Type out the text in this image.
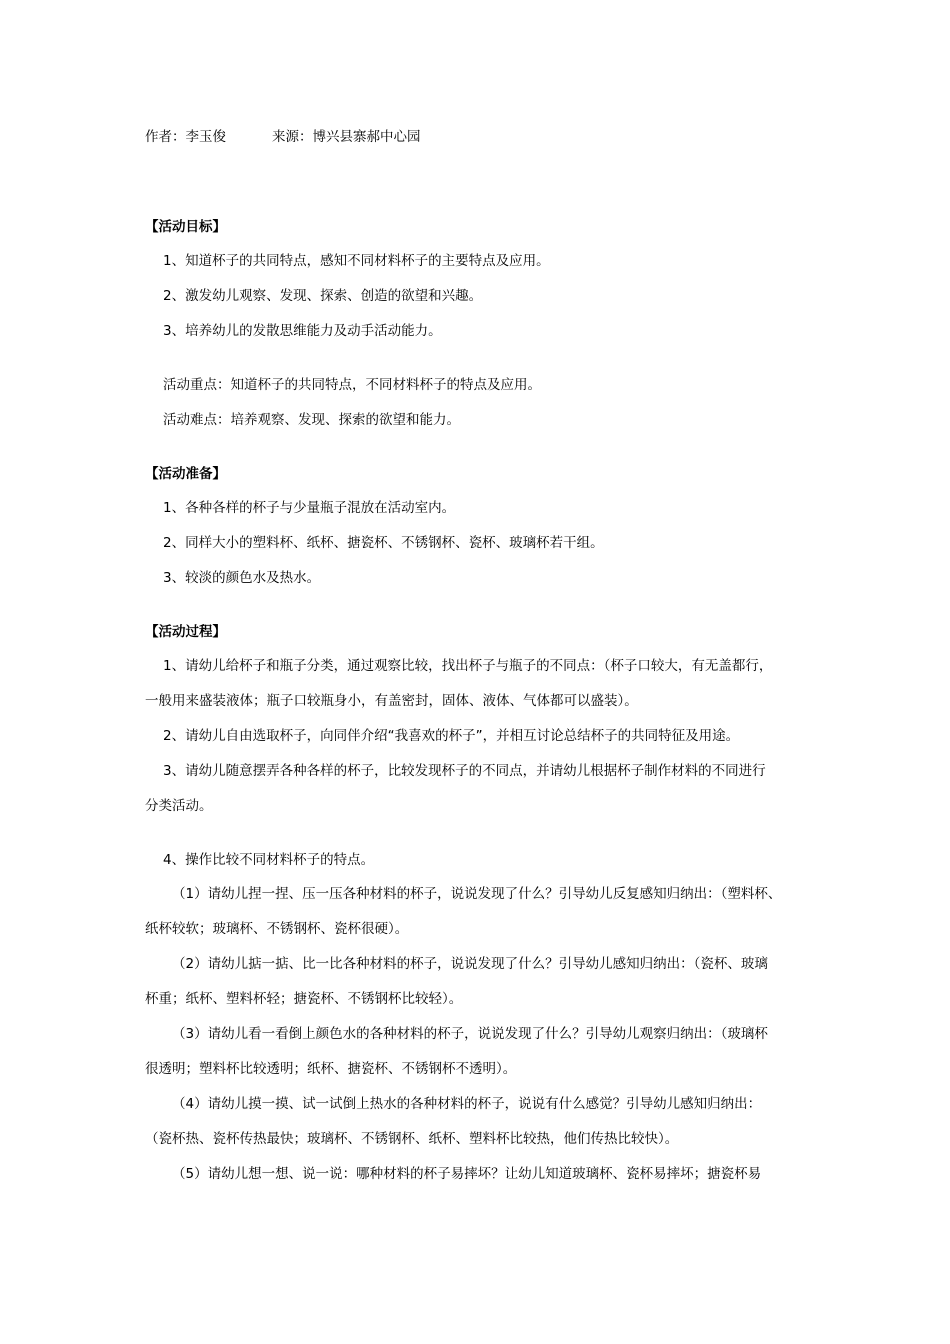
作者：李玉俊	来源：博兴县寨郝中心园
【活动目标】
1、知道杯子的共同特点，感知不同材料杯子的主要特点及应用。
2、激发幼儿观察、发现、探索、创造的欲望和兴趣。
3、培养幼儿的发散思维能力及动手活动能力。
活动重点：知道杯子的共同特点，不同材料杯子的特点及应用。
活动难点：培养观察、发现、探索的欲望和能力。
【活动准备】
1、各种各样的杯子与少量瓶子混放在活动室内。
2、同样大小的塑料杯、纸杯、搪瓷杯、不锈钢杯、瓷杯、玻璃杯若干组。
3、较淡的颜色水及热水。
【活动过程】
1、请幼儿给杯子和瓶子分类，通过观察比较，找出杯子与瓶子的不同点：（杯子口较大，有无盖都行，
一般用来盛装液体；瓶子口较瓶身小，有盖密封，固体、液体、气体都可以盛装）。
2、请幼儿自由选取杯子，向同伴介绍“我喜欢的杯子”，并相互讨论总结杯子的共同特征及用途。
3、请幼儿随意摆弄各种各样的杯子，比较发现杯子的不同点，并请幼儿根据杯子制作材料的不同进行
分类活动。
4、操作比较不同材料杯子的特点。
（1）请幼儿捏一捏、压一压各种材料的杯子，说说发现了什么？引导幼儿反复感知归纳出：（塑料杯、
纸杯较软；玻璃杯、不锈钢杯、瓷杯很硬）。
（2）请幼儿掂一掂、比一比各种材料的杯子，说说发现了什么？引导幼儿感知归纳出：（瓷杯、玻璃
杯重；纸杯、塑料杯轻；搪瓷杯、不锈钢杯比较轻）。
（3）请幼儿看一看倒上颜色水的各种材料的杯子，说说发现了什么？引导幼儿观察归纳出：（玻璃杯
很透明；塑料杯比较透明；纸杯、搪瓷杯、不锈钢杯不透明）。
（4）请幼儿摸一摸、试一试倒上热水的各种材料的杯子，说说有什么感觉？引导幼儿感知归纳出：
（瓷杯热、瓷杯传热最快；玻璃杯、不锈钢杯、纸杯、塑料杯比较热，他们传热比较快）。
（5）请幼儿想一想、说一说：哪种材料的杯子易摔坏？让幼儿知道玻璃杯、瓷杯易摔坏；搪瓷杯易
